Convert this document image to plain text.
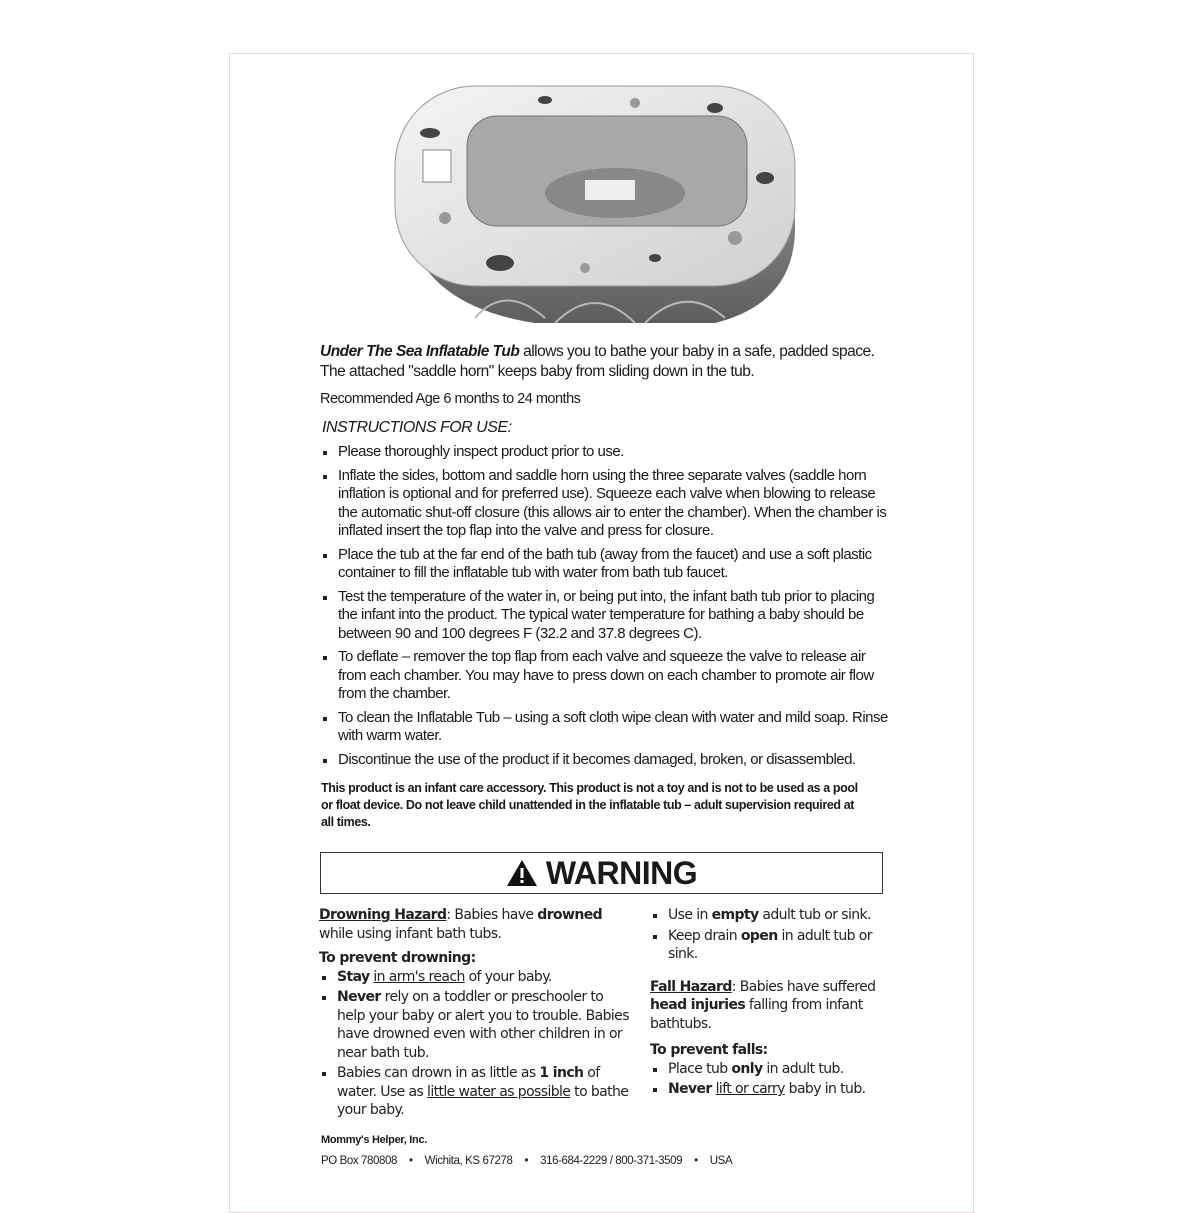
Under The Sea Inflatable Tub allows you to bathe your baby in a safe, padded space. The attached "saddle horn" keeps baby from sliding down in the tub.
Recommended Age 6 months to 24 months
INSTRUCTIONS FOR USE:
Please thoroughly inspect product prior to use.
Inflate the sides, bottom and saddle horn using the three separate valves (saddle horn inflation is optional and for preferred use). Squeeze each valve when blowing to release the automatic shut-off closure (this allows air to enter the chamber). When the chamber is inflated insert the top flap into the valve and press for closure.
Place the tub at the far end of the bath tub (away from the faucet) and use a soft plastic container to fill the inflatable tub with water from bath tub faucet.
Test the temperature of the water in, or being put into, the infant bath tub prior to placing the infant into the product. The typical water temperature for bathing a baby should be between 90 and 100 degrees F (32.2 and 37.8 degrees C).
To deflate – remover the top flap from each valve and squeeze the valve to release air from each chamber. You may have to press down on each chamber to promote air flow from the chamber.
To clean the Inflatable Tub – using a soft cloth wipe clean with water and mild soap. Rinse with warm water.
Discontinue the use of the product if it becomes damaged, broken, or disassembled.
This product is an infant care accessory. This product is not a toy and is not to be used as a pool or float device. Do not leave child unattended in the inflatable tub – adult supervision required at all times.
WARNING
Drowning Hazard: Babies have drowned while using infant bath tubs.
To prevent drowning:
Stay in arm's reach of your baby.
Never rely on a toddler or preschooler to help your baby or alert you to trouble. Babies have drowned even with other children in or near bath tub.
Babies can drown in as little as 1 inch of water. Use as little water as possible to bathe your baby.
Use in empty adult tub or sink.
Keep drain open in adult tub or sink.
Fall Hazard: Babies have suffered head injuries falling from infant bathtubs.
To prevent falls:
Place tub only in adult tub.
Never lift or carry baby in tub.
Mommy's Helper, Inc.
PO Box 780808 • Wichita, KS 67278 • 316-684-2229 / 800-371-3509 • USA
